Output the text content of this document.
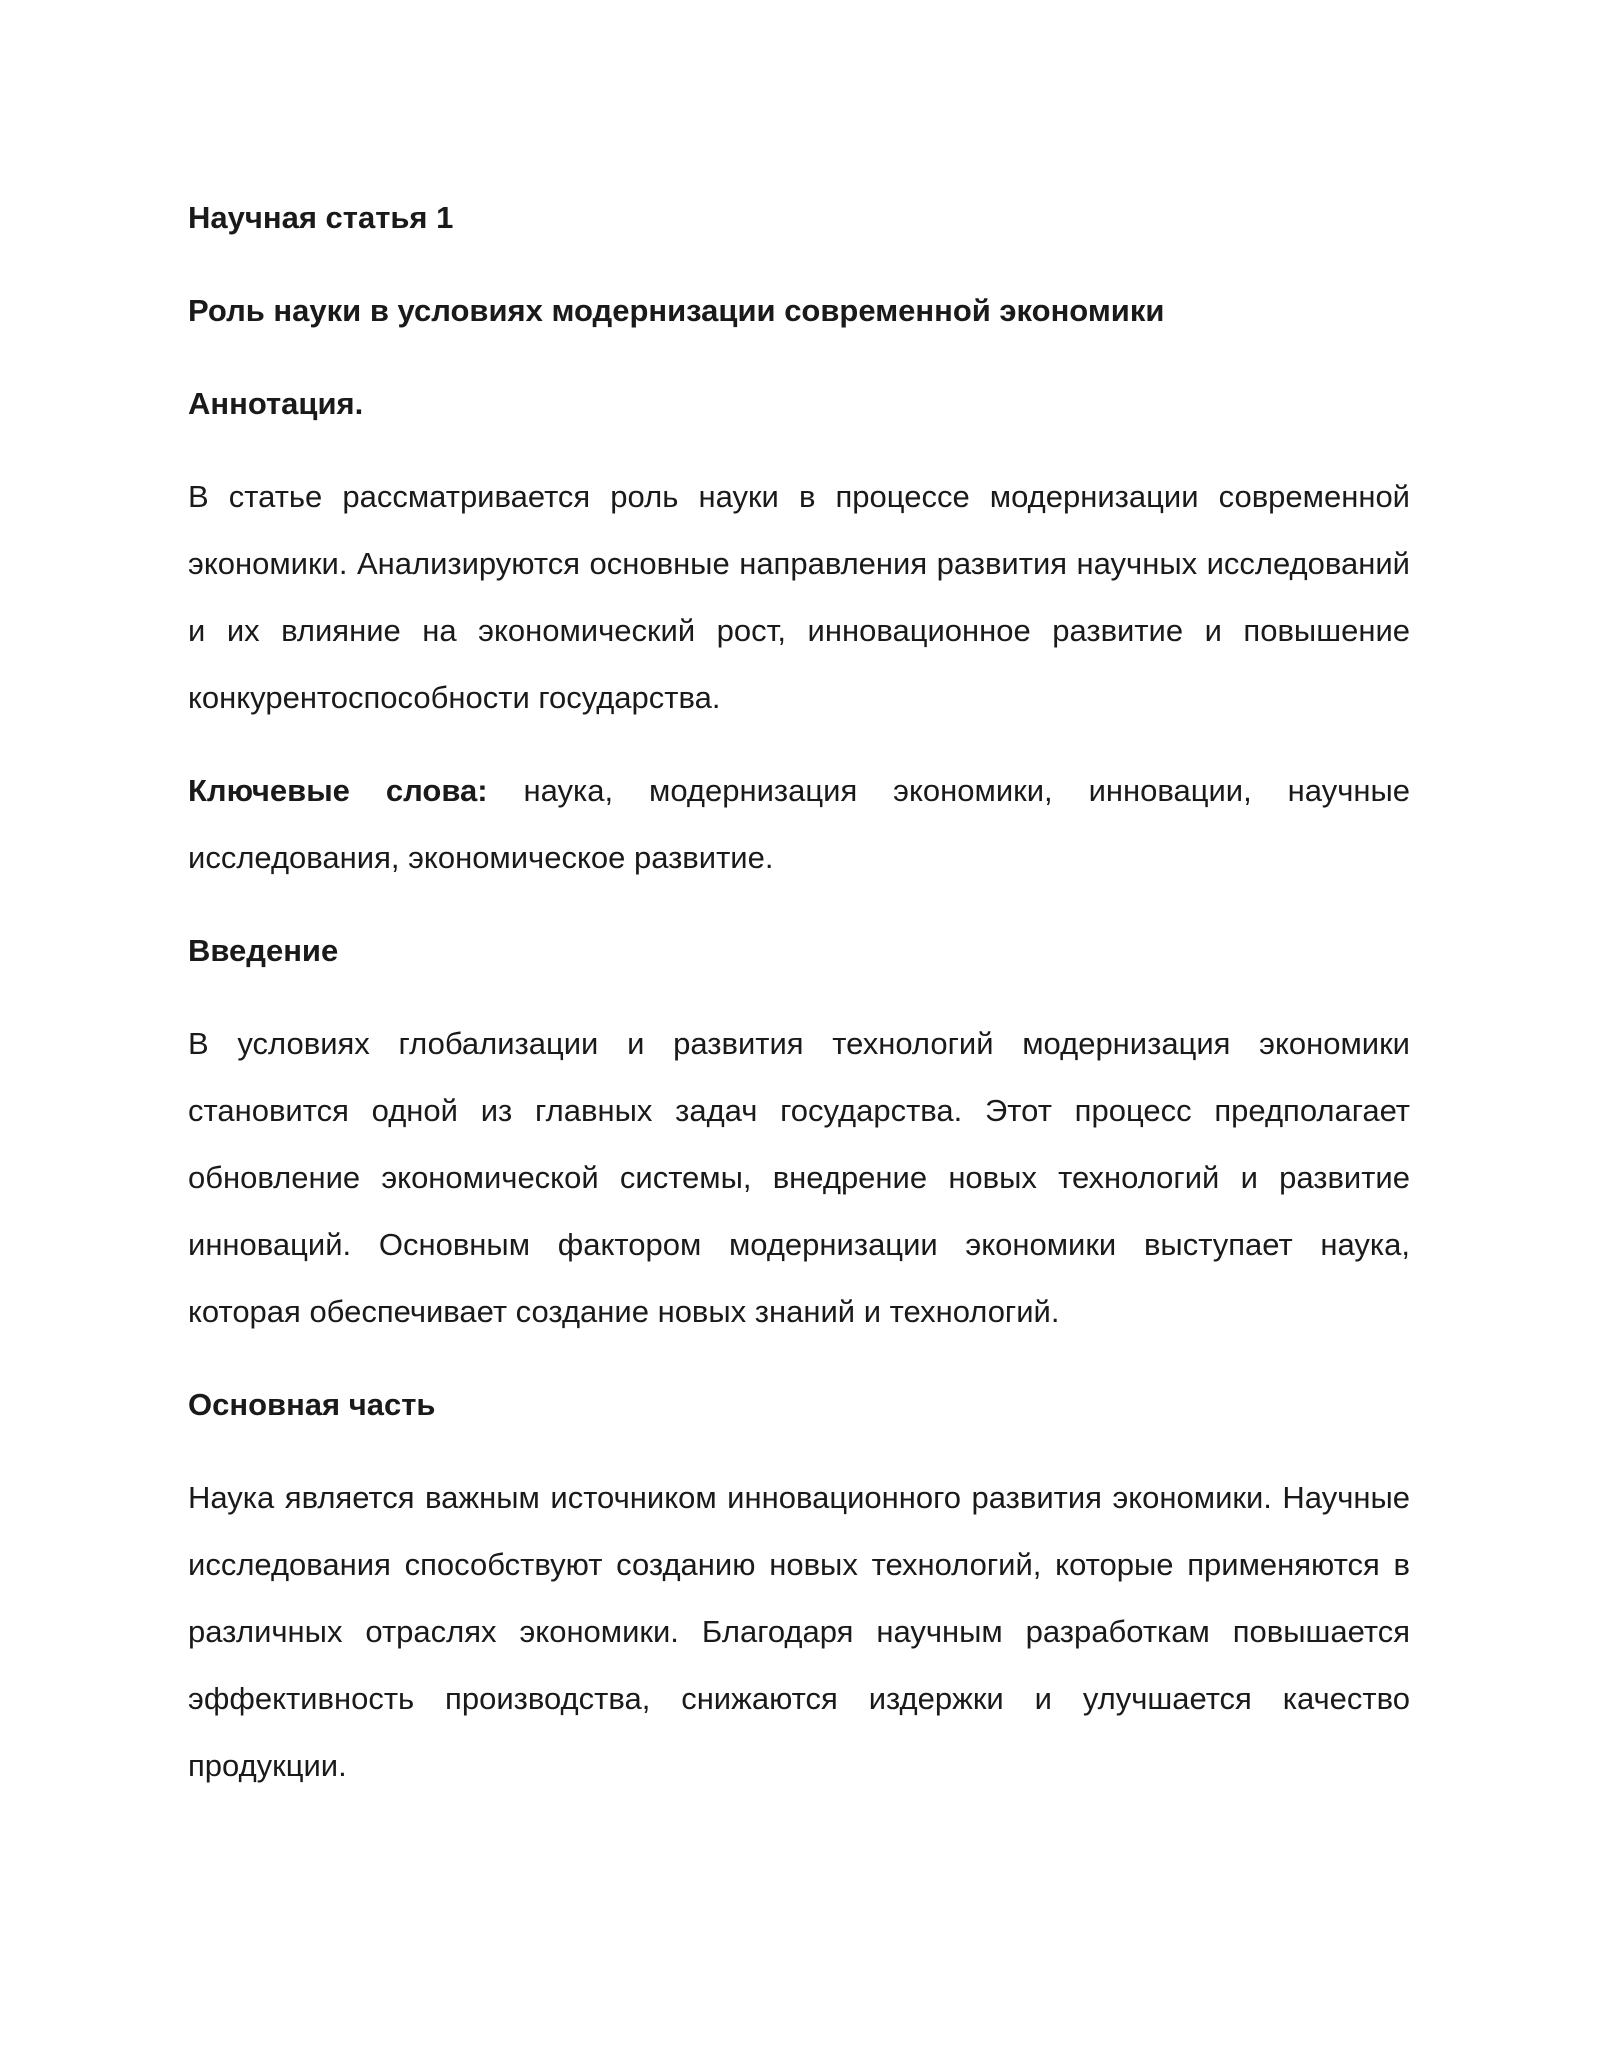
Научная статья 1

Роль науки в условиях модернизации современной экономики

Аннотация.

В статье рассматривается роль науки в процессе модернизации современной экономики. Анализируются основные направления развития научных исследований и их влияние на экономический рост, инновационное развитие и повышение конкурентоспособности государства.

Ключевые слова: наука, модернизация экономики, инновации, научные исследования, экономическое развитие.

Введение

В условиях глобализации и развития технологий модернизация экономики становится одной из главных задач государства. Этот процесс предполагает обновление экономической системы, внедрение новых технологий и развитие инноваций. Основным фактором модернизации экономики выступает наука, которая обеспечивает создание новых знаний и технологий.

Основная часть

Наука является важным источником инновационного развития экономики. Научные исследования способствуют созданию новых технологий, которые применяются в различных отраслях экономики. Благодаря научным разработкам повышается эффективность производства, снижаются издержки и улучшается качество продукции.
